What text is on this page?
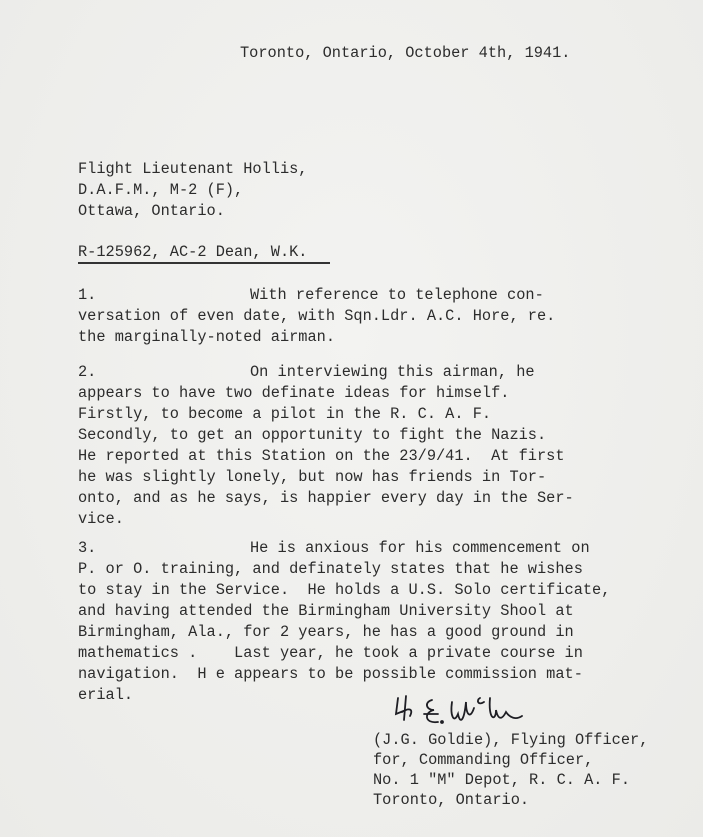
Toronto, Ontario, October 4th, 1941.
Flight Lieutenant Hollis,
D.A.F.M., M-2 (F),
Ottawa, Ontario.
R-125962, AC-2 Dean, W.K.
1.	With reference to telephone con-
versation of even date, with Sqn.Ldr. A.C. Hore, re.
the marginally-noted airman.
2.	On interviewing this airman, he
appears to have two definate ideas for himself.
Firstly, to become a pilot in the R. C. A. F.
Secondly, to get an opportunity to fight the Nazis.
He reported at this Station on the 23/9/41.  At first
he was slightly lonely, but now has friends in Tor-
onto, and as he says, is happier every day in the Ser-
vice.
3.	He is anxious for his commencement on
P. or O. training, and definately states that he wishes
to stay in the Service.  He holds a U.S. Solo certificate,
and having attended the Birmingham University Shool at
Birmingham, Ala., for 2 years, he has a good ground in
mathematics .    Last year, he took a private course in
navigation.  H e appears to be possible commission mat-
erial.
(J.G. Goldie), Flying Officer,
for, Commanding Officer,
No. 1 "M" Depot, R. C. A. F.
Toronto, Ontario.
